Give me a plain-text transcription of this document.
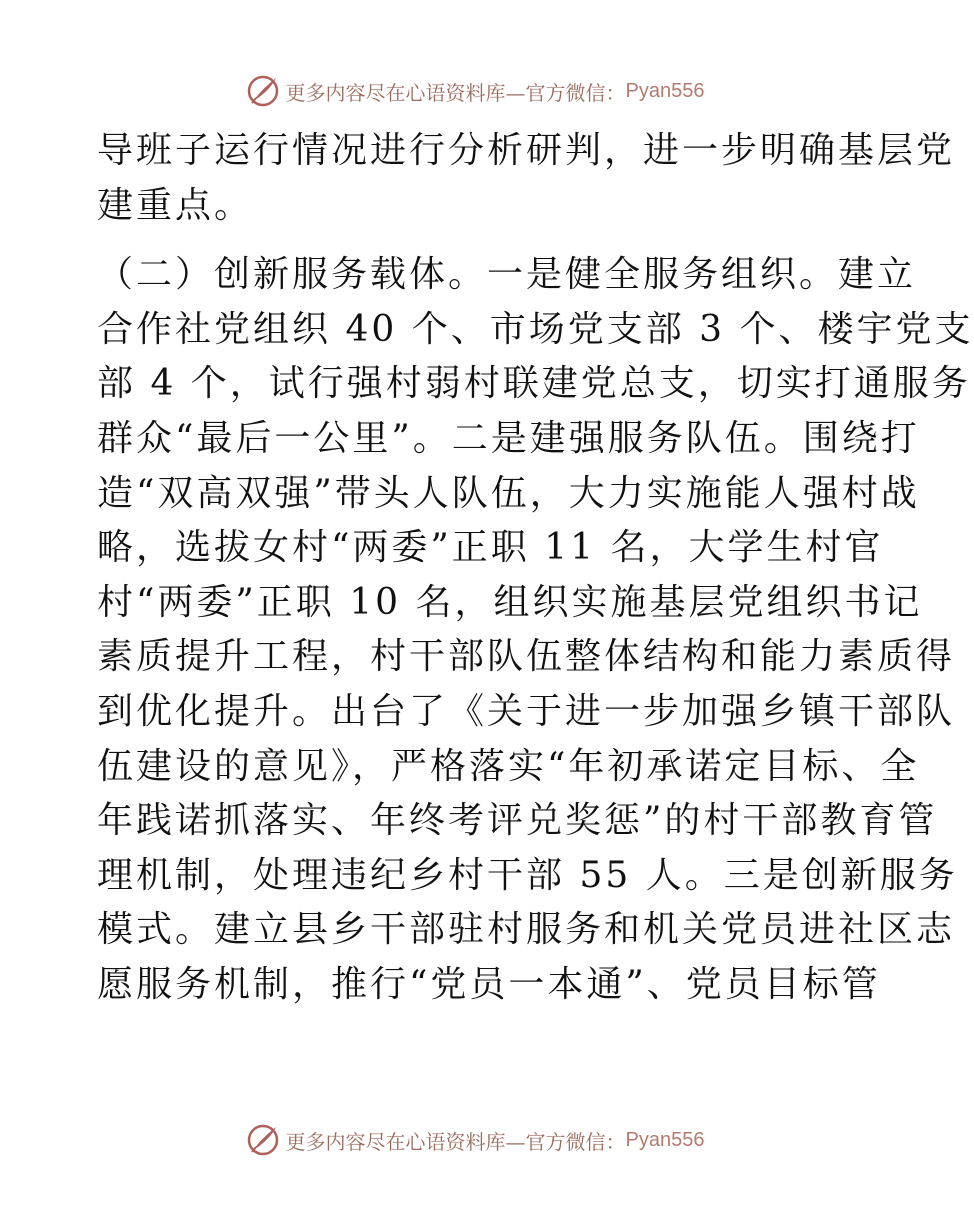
更多内容尽在心语资料库—官方微信： Pyan556
导班子运行情况进行分析研判，进一步明确基层党
建重点。
（二）创新服务载体。一是健全服务组织。建立
合作社党组织 40 个、市场党支部 3 个、楼宇党支
部 4 个，试行强村弱村联建党总支，切实打通服务
群众“最后一公里”。二是建强服务队伍。围绕打
造“双高双强”带头人队伍，大力实施能人强村战
略，选拔女村“两委”正职 11 名，大学生村官
村“两委”正职 10 名，组织实施基层党组织书记
素质提升工程，村干部队伍整体结构和能力素质得
到优化提升。出台了《关于进一步加强乡镇干部队
伍建设的意见》，严格落实“年初承诺定目标、全
年践诺抓落实、年终考评兑奖惩”的村干部教育管
理机制，处理违纪乡村干部 55 人。三是创新服务
模式。建立县乡干部驻村服务和机关党员进社区志
愿服务机制，推行“党员一本通”、党员目标管
更多内容尽在心语资料库—官方微信： Pyan556
